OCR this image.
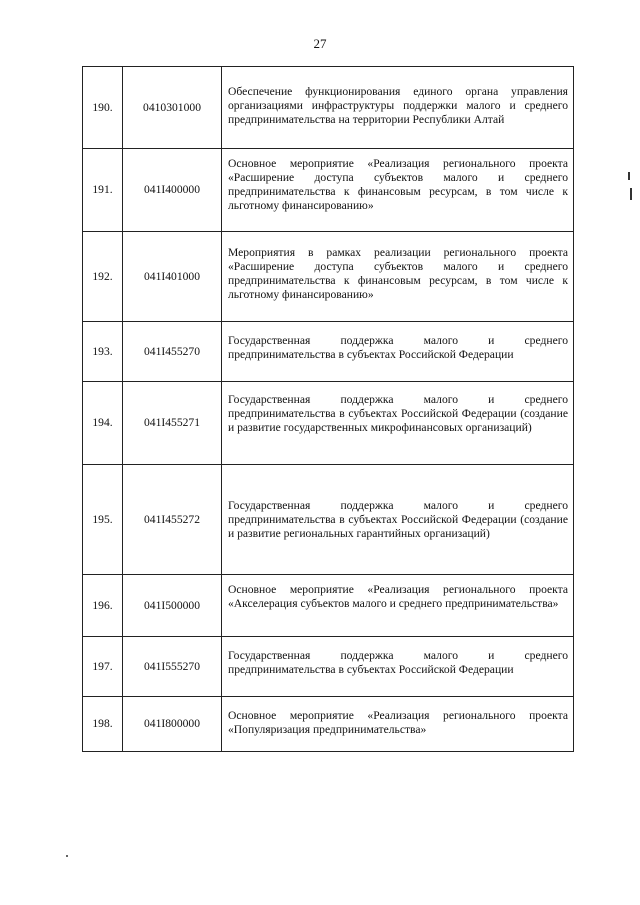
27
190.	0410301000	Обеспечение функционирования единого органа управления организациями инфраструктуры поддержки малого и среднего предпринимательства на территории Республики Алтай
191.	041I400000	Основное мероприятие «Реализация регионального проекта «Расширение доступа субъектов малого и среднего предпринимательства к финансовым ресурсам, в том числе к льготному финансированию»
192.	041I401000	Мероприятия в рамках реализации регионального проекта «Расширение доступа субъектов малого и среднего предпринимательства к финансовым ресурсам, в том числе к льготному финансированию»
193.	041I455270	Государственная поддержка малого и среднего предпринимательства в субъектах Российской Федерации
194.	041I455271	Государственная поддержка малого и среднего предпринимательства в субъектах Российской Федерации (создание и развитие государственных микрофинансовых организаций)
195.	041I455272	Государственная поддержка малого и среднего предпринимательства в субъектах Российской Федерации (создание и развитие региональных гарантийных организаций)
196.	041I500000	Основное мероприятие «Реализация регионального проекта «Акселерация субъектов малого и среднего предпринимательства»
197.	041I555270	Государственная поддержка малого и среднего предпринимательства в субъектах Российской Федерации
198.	041I800000	Основное мероприятие «Реализация регионального проекта «Популяризация предпринимательства»
